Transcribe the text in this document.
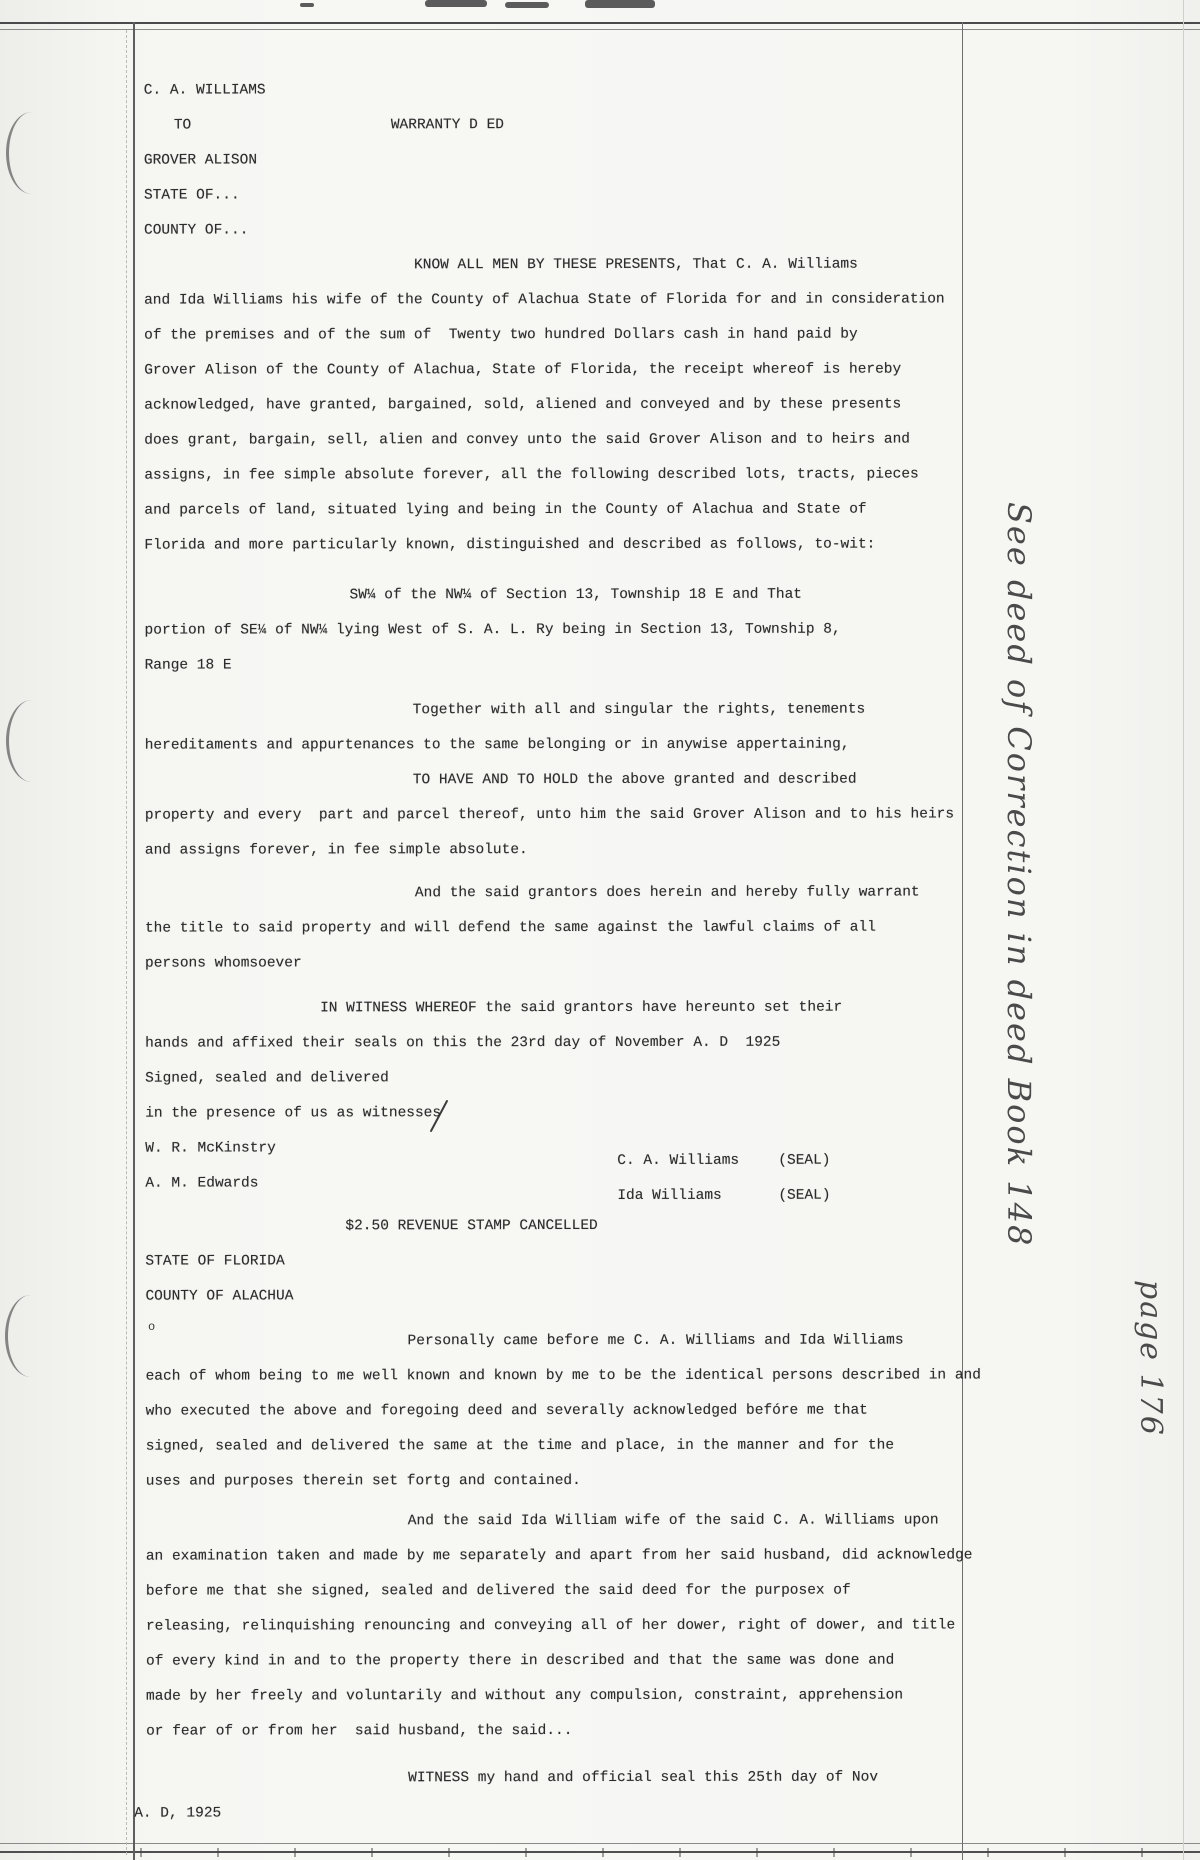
o
C. A. WILLIAMS
TO	WARRANTY D ED
GROVER ALISON
STATE OF...
COUNTY OF...
KNOW ALL MEN BY THESE PRESENTS, That C. A. Williams
and Ida Williams his wife of the County of Alachua State of Florida for and in consideration
of the premises and of the sum of  Twenty two hundred Dollars cash in hand paid by
Grover Alison of the County of Alachua, State of Florida, the receipt whereof is hereby
acknowledged, have granted, bargained, sold, aliened and conveyed and by these presents
does grant, bargain, sell, alien and convey unto the said Grover Alison and to heirs and
assigns, in fee simple absolute forever, all the following described lots, tracts, pieces
and parcels of land, situated lying and being in the County of Alachua and State of
Florida and more particularly known, distinguished and described as follows, to-wit:
SW¼ of the NW¼ of Section 13, Township 18 E and That
portion of SE¼ of NW¼ lying West of S. A. L. Ry being in Section 13, Township 8,
Range 18 E
Together with all and singular the rights, tenements
hereditaments and appurtenances to the same belonging or in anywise appertaining,
TO HAVE AND TO HOLD the above granted and described
property and every  part and parcel thereof, unto him the said Grover Alison and to his heirs
and assigns forever, in fee simple absolute.
And the said grantors does herein and hereby fully warrant
the title to said property and will defend the same against the lawful claims of all
persons whomsoever
IN WITNESS WHEREOF the said grantors have hereunto set their
hands and affixed their seals on this the 23rd day of November A. D  1925
Signed, sealed and delivered
in the presence of us as witnesses
W. R. McKinstry
C. A. Williams	(SEAL)
A. M. Edwards
Ida Williams	(SEAL)
$2.50 REVENUE STAMP CANCELLED
STATE OF FLORIDA
COUNTY OF ALACHUA
Personally came before me C. A. Williams and Ida Williams
each of whom being to me well known and known by me to be the identical persons described in and
who executed the above and foregoing deed and severally acknowledged befóre me that
signed, sealed and delivered the same at the time and place, in the manner and for the
uses and purposes therein set fortg and contained.
And the said Ida William wife of the said C. A. Williams upon
an examination taken and made by me separately and apart from her said husband, did acknowledge
before me that she signed, sealed and delivered the said deed for the purposex of
releasing, relinquishing renouncing and conveying all of her dower, right of dower, and title
of every kind in and to the property there in described and that the same was done and
made by her freely and voluntarily and without any compulsion, constraint, apprehension
or fear of or from her  said husband, the said...
WITNESS my hand and official seal this 25th day of Nov
A. D, 1925
See deed of Correction in deed Book 148
page 176
